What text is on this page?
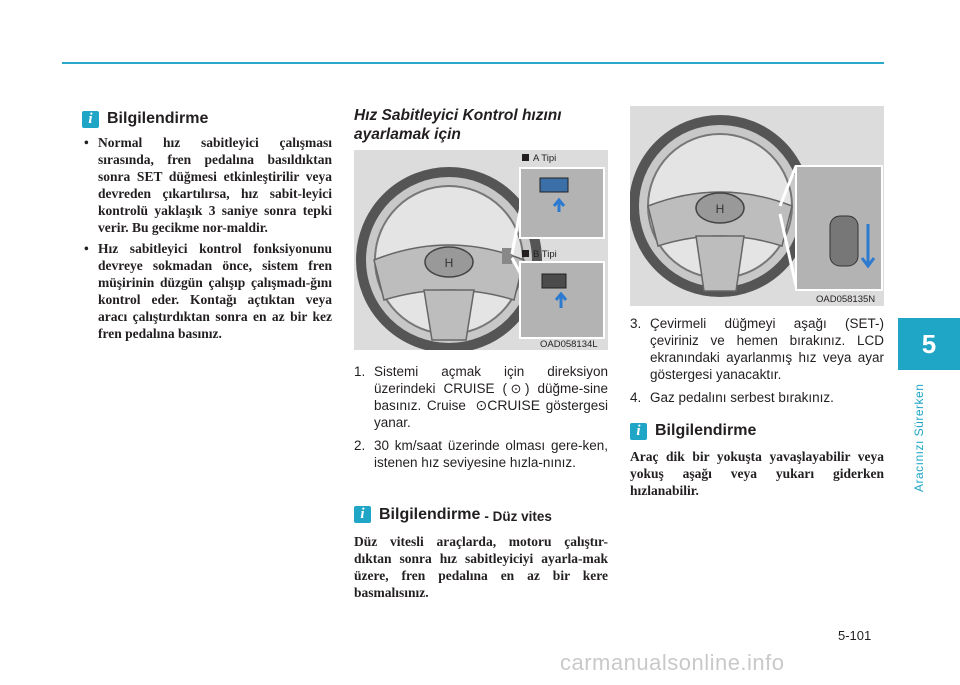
5
Aracınızı Sürerken
i Bilgilendirme
• Normal hız sabitleyici çalışması sırasında, fren pedalına basıldıktan sonra SET düğmesi etkinleştirilir veya devreden çıkartılırsa, hız sabit-leyici kontrolü yaklaşık 3 saniye sonra tepki verir. Bu gecikme nor-maldir.
• Hız sabitleyici kontrol fonksiyonunu devreye sokmadan önce, sistem fren müşirinin düzgün çalışıp çalışmadı-ğını kontrol eder. Kontağı açtıktan veya aracı çalıştırdıktan sonra en az bir kez fren pedalına basınız.
Hız Sabitleyici Kontrol hızını
ayarlamak için
H
A Tipi
B Tipi
OAD058134L
1. Sistemi açmak için direksiyon üzerindeki CRUISE ( ⊙ ) düğme-sine basınız. Cruise ⊙CRUISE göstergesi yanar.
2. 30 km/saat üzerinde olması gere-ken, istenen hız seviyesine hızla-nınız.
i Bilgilendirme - Düz vites
Düz vitesli araçlarda, motoru çalıştır-dıktan sonra hız sabitleyiciyi ayarla-mak üzere, fren pedalına en az bir kere basmalısınız.
H
OAD058135N
3. Çevirmeli düğmeyi aşağı (SET-) çeviriniz ve hemen bırakınız. LCD ekranındaki ayarlanmış hız veya ayar göstergesi yanacaktır.
4. Gaz pedalını serbest bırakınız.
i Bilgilendirme
Araç dik bir yokuşta yavaşlayabilir veya yokuş aşağı veya yukarı giderken hızlanabilir.
5-101
carmanualsonline.info
